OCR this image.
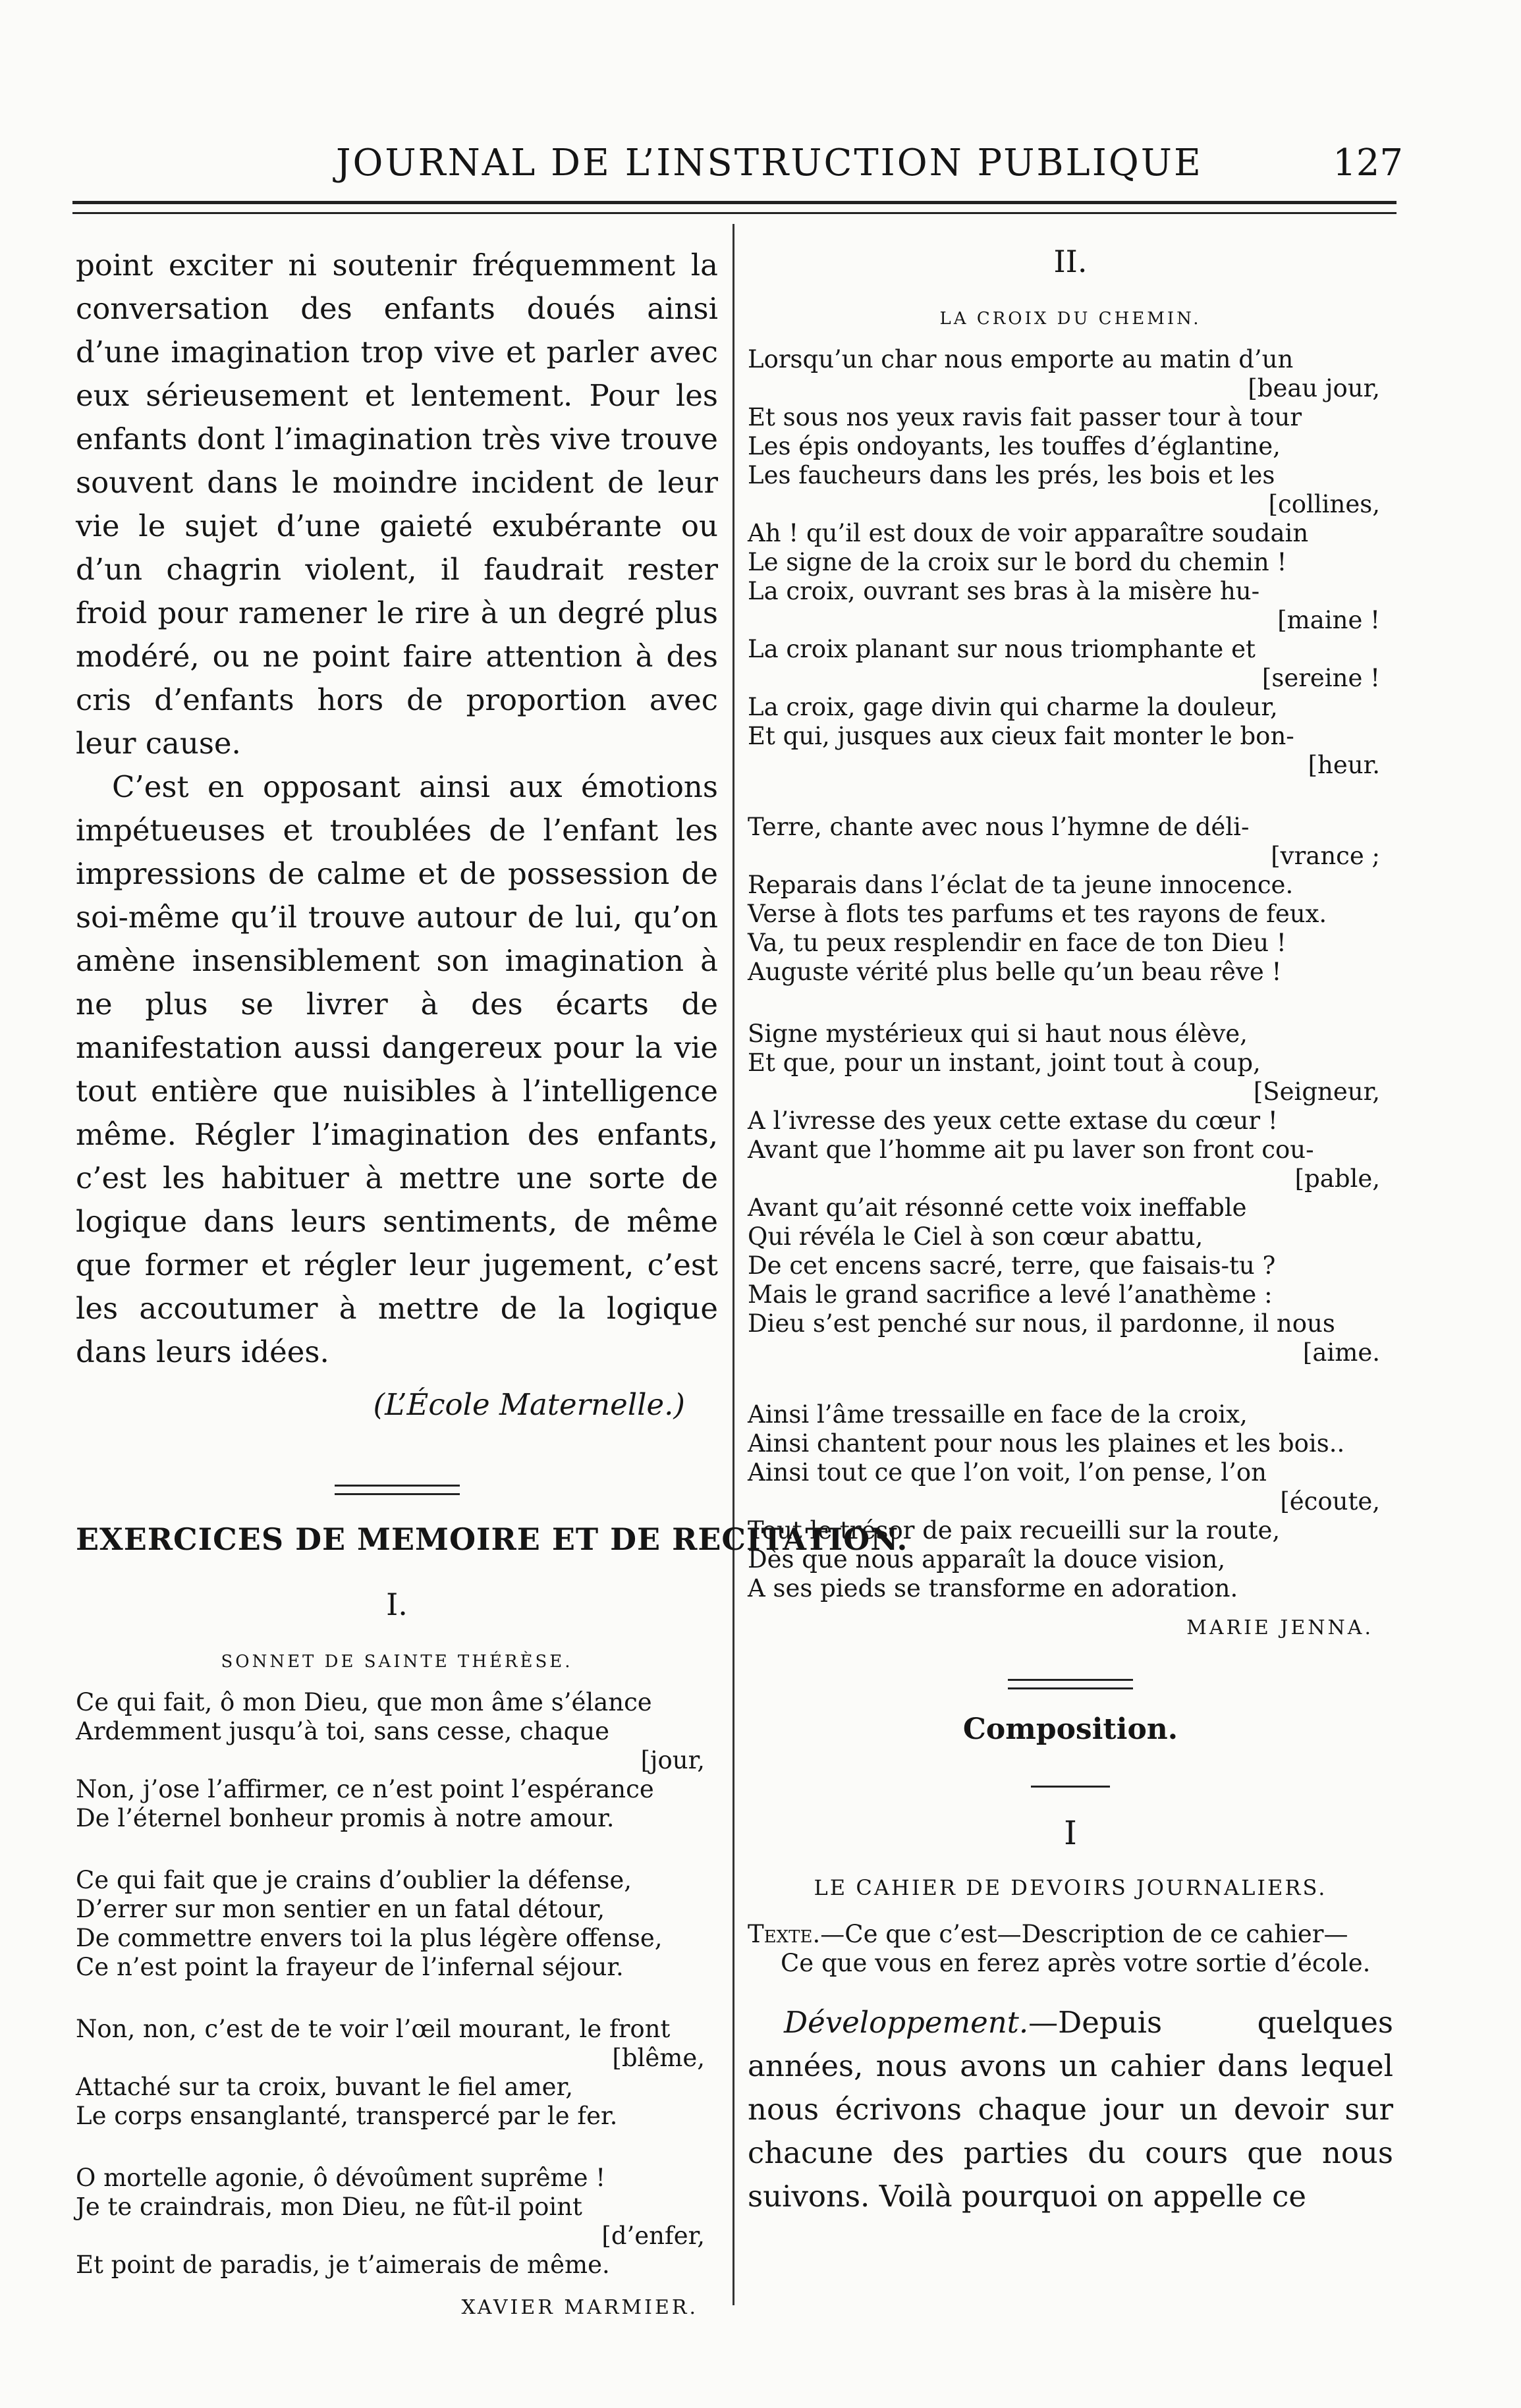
JOURNAL DE L’INSTRUCTION PUBLIQUE	127

point exciter ni soutenir fréquemment la conversation des enfants doués ainsi d’une imagination trop vive et parler avec eux sérieusement et lentement. Pour les enfants dont l’imagination très vive trouve souvent dans le moindre incident de leur vie le sujet d’une gaieté exubérante ou d’un chagrin violent, il faudrait rester froid pour ramener le rire à un degré plus modéré, ou ne point faire attention à des cris d’enfants hors de proportion avec leur cause.

C’est en opposant ainsi aux émotions impétueuses et troublées de l’enfant les impressions de calme et de possession de soi-même qu’il trouve autour de lui, qu’on amène insensiblement son imagination à ne plus se livrer à des écarts de manifestation aussi dangereux pour la vie tout entière que nuisibles à l’intelligence même. Régler l’imagination des enfants, c’est les habituer à mettre une sorte de logique dans leurs sentiments, de même que former et régler leur jugement, c’est les accoutumer à mettre de la logique dans leurs idées.

(L’École Maternelle.)
EXERCICES DE MEMOIRE ET DE RECITATION.
I.
SONNET DE SAINTE THÉRÈSE.
Ce qui fait, ô mon Dieu, que mon âme s’élance
Ardemment jusqu’à toi, sans cesse, chaque
[jour,
Non, j’ose l’affirmer, ce n’est point l’espérance
De l’éternel bonheur promis à notre amour.
Ce qui fait que je crains d’oublier la défense,
D’errer sur mon sentier en un fatal détour,
De commettre envers toi la plus légère offense,
Ce n’est point la frayeur de l’infernal séjour.
Non, non, c’est de te voir l’œil mourant, le front
[blême,
Attaché sur ta croix, buvant le fiel amer,
Le corps ensanglanté, transpercé par le fer.
O mortelle agonie, ô dévoûment suprême !
Je te craindrais, mon Dieu, ne fût-il point
[d’enfer,
Et point de paradis, je t’aimerais de même.
XAVIER MARMIER.
II.
LA CROIX DU CHEMIN.
Lorsqu’un char nous emporte au matin d’un
[beau jour,
Et sous nos yeux ravis fait passer tour à tour
Les épis ondoyants, les touffes d’églantine,
Les faucheurs dans les prés, les bois et les
[collines,
Ah ! qu’il est doux de voir apparaître soudain
Le signe de la croix sur le bord du chemin !
La croix, ouvrant ses bras à la misère hu-
[maine !
La croix planant sur nous triomphante et
[sereine !
La croix, gage divin qui charme la douleur,
Et qui, jusques aux cieux fait monter le bon-
[heur.
Terre, chante avec nous l’hymne de déli-
[vrance ;
Reparais dans l’éclat de ta jeune innocence.
Verse à flots tes parfums et tes rayons de feux.
Va, tu peux resplendir en face de ton Dieu !
Auguste vérité plus belle qu’un beau rêve !
Signe mystérieux qui si haut nous élève,
Et que, pour un instant, joint tout à coup,
[Seigneur,
A l’ivresse des yeux cette extase du cœur !
Avant que l’homme ait pu laver son front cou-
[pable,
Avant qu’ait résonné cette voix ineffable
Qui révéla le Ciel à son cœur abattu,
De cet encens sacré, terre, que faisais-tu ?
Mais le grand sacrifice a levé l’anathème :
Dieu s’est penché sur nous, il pardonne, il nous
[aime.
Ainsi l’âme tressaille en face de la croix,
Ainsi chantent pour nous les plaines et les bois..
Ainsi tout ce que l’on voit, l’on pense, l’on
[écoute,
Tout le trésor de paix recueilli sur la route,
Dès que nous apparaît la douce vision,
A ses pieds se transforme en adoration.
MARIE JENNA.
Composition.
I
LE CAHIER DE DEVOIRS JOURNALIERS.
Texte.—Ce que c’est—Description de ce cahier—
Ce que vous en ferez après votre sortie d’école.

Développement.—Depuis quelques années, nous avons un cahier dans lequel nous écrivons chaque jour un devoir sur chacune des parties du cours que nous suivons. Voilà pourquoi on appelle ce
